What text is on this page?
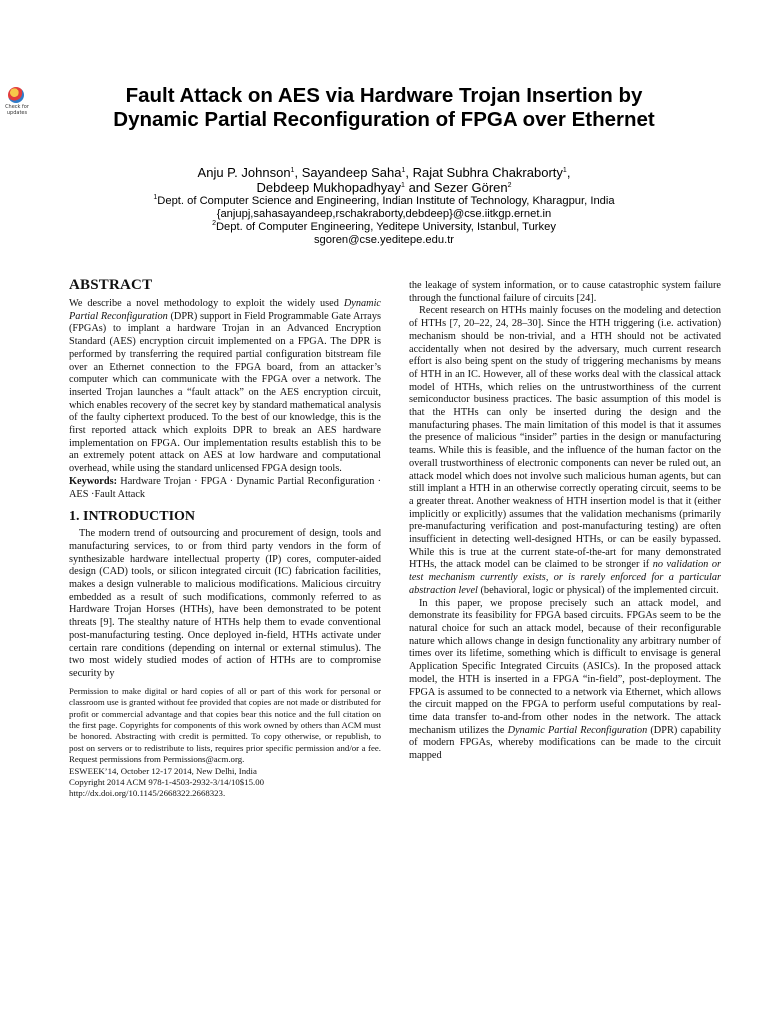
Check for updates
Fault Attack on AES via Hardware Trojan Insertion by
Dynamic Partial Reconfiguration of FPGA over Ethernet
Anju P. Johnson$^1$, Sayandeep Saha$^1$, Rajat Subhra Chakraborty$^1$,
Debdeep Mukhopadhyay$^1$ and Sezer Gören$^2$
$^1$Dept. of Computer Science and Engineering, Indian Institute of Technology, Kharagpur, India
{anjupj,sahasayandeep,rschakraborty,debdeep}@cse.iitkgp.ernet.in
$^2$Dept. of Computer Engineering, Yeditepe University, Istanbul, Turkey
sgoren@cse.yeditepe.edu.tr
ABSTRACT

We describe a novel methodology to exploit the widely used Dynamic Partial Reconfiguration (DPR) support in Field Programmable Gate Arrays (FPGAs) to implant a hardware Trojan in an Advanced Encryption Standard (AES) encryption circuit implemented on a FPGA. The DPR is performed by transferring the required partial configuration bitstream file over an Ethernet connection to the FPGA board, from an attacker’s computer which can communicate with the FPGA over a network. The inserted Trojan launches a “fault attack” on the AES encryption circuit, which enables recovery of the secret key by standard mathematical analysis of the faulty ciphertext produced. To the best of our knowledge, this is the first reported attack which exploits DPR to break an AES hardware implementation on FPGA. Our implementation results establish this to be an extremely potent attack on AES at low hardware and computational overhead, while using the standard unlicensed FPGA design tools.

Keywords: Hardware Trojan · FPGA · Dynamic Partial Reconfiguration · AES ·Fault Attack

1. INTRODUCTION

The modern trend of outsourcing and procurement of design, tools and manufacturing services, to or from third party vendors in the form of synthesizable hardware intellectual property (IP) cores, computer-aided design (CAD) tools, or silicon integrated circuit (IC) fabrication facilities, makes a design vulnerable to malicious modifications. Malicious circuitry embedded as a result of such modifications, commonly referred to as Hardware Trojan Horses (HTHs), have been demonstrated to be potent threats [9]. The stealthy nature of HTHs help them to evade conventional post-manufacturing testing. Once deployed in-field, HTHs activate under certain rare conditions (depending on internal or external stimulus). The two most widely studied modes of action of HTHs are to compromise security by

Permission to make digital or hard copies of all or part of this work for personal or classroom use is granted without fee provided that copies are not made or distributed for profit or commercial advantage and that copies bear this notice and the full citation on the first page. Copyrights for components of this work owned by others than ACM must be honored. Abstracting with credit is permitted. To copy otherwise, or republish, to post on servers or to redistribute to lists, requires prior specific permission and/or a fee. Request permissions from Permissions@acm.org.
ESWEEK’14, October 12-17 2014, New Delhi, India
Copyright 2014 ACM 978-1-4503-2932-3/14/10$15.00
http://dx.doi.org/10.1145/2668322.2668323.

the leakage of system information, or to cause catastrophic system failure through the functional failure of circuits [24].

Recent research on HTHs mainly focuses on the modeling and detection of HTHs [7, 20–22, 24, 28–30]. Since the HTH triggering (i.e. activation) mechanism should be non-trivial, and a HTH should not be activated accidentally when not desired by the adversary, much current research effort is also being spent on the study of triggering mechanisms by means of HTH in an IC. However, all of these works deal with the classical attack model of HTHs, which relies on the untrustworthiness of the current semiconductor business practices. The basic assumption of this model is that the HTHs can only be inserted during the design and the manufacturing phases. The main limitation of this model is that it assumes the presence of malicious “insider” parties in the design or manufacturing teams. While this is feasible, and the influence of the human factor on the overall trustworthiness of electronic components can never be ruled out, an attack model which does not involve such malicious human agents, but can still implant a HTH in an otherwise correctly operating circuit, seems to be a greater threat. Another weakness of HTH insertion model is that it (either implicitly or explicitly) assumes that the validation mechanisms (primarily pre-manufacturing verification and post-manufacturing testing) are often insufficient in detecting well-designed HTHs, or can be easily bypassed. While this is true at the current state-of-the-art for many demonstrated HTHs, the attack model can be claimed to be stronger if no validation or test mechanism currently exists, or is rarely enforced for a particular abstraction level (behavioral, logic or physical) of the implemented circuit.

In this paper, we propose precisely such an attack model, and demonstrate its feasibility for FPGA based circuits. FPGAs seem to be the natural choice for such an attack model, because of their reconfigurable nature which allows change in design functionality any arbitrary number of times over its lifetime, something which is difficult to envisage is general Application Specific Integrated Circuits (ASICs). In the proposed attack model, the HTH is inserted in a FPGA “in-field”, post-deployment. The FPGA is assumed to be connected to a network via Ethernet, which allows the circuit mapped on the FPGA to perform useful computations by real-time data transfer to-and-from other nodes in the network. The attack mechanism utilizes the Dynamic Partial Reconfiguration (DPR) capability of modern FPGAs, whereby modifications can be made to the circuit mapped
